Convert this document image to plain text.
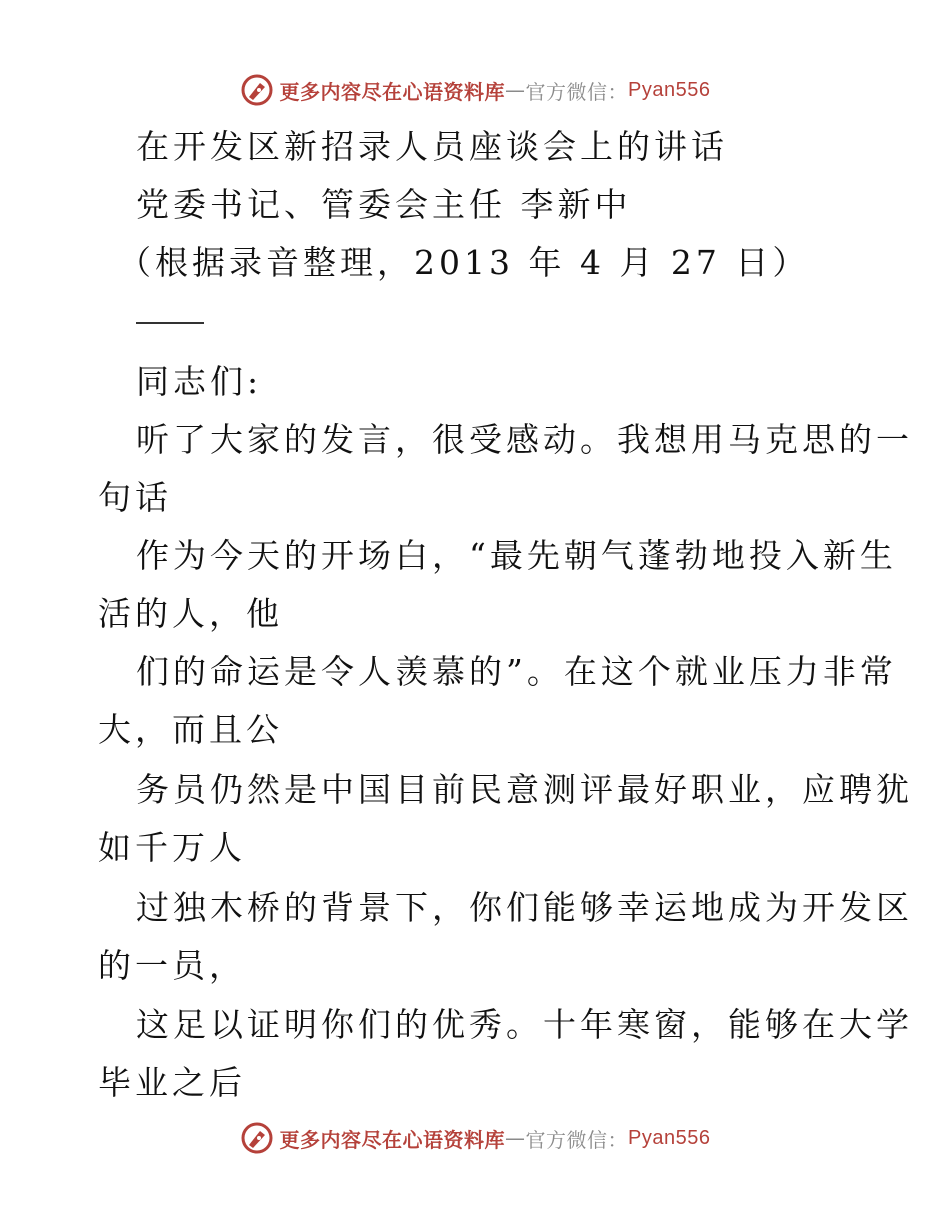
更多内容尽在心语资料库 — 官方微信： Pyan556
在开发区新招录人员座谈会上的讲话
党委书记、管委会主任 李新中
（根据录音整理，2013 年 4 月 27 日）
同志们:
听了大家的发言，很受感动。我想用马克思的一
句话
作为今天的开场白，“最先朝气蓬勃地投入新生
活的人，他
们的命运是令人羡慕的”。在这个就业压力非常
大，而且公
务员仍然是中国目前民意测评最好职业，应聘犹
如千万人
过独木桥的背景下，你们能够幸运地成为开发区
的一员，
这足以证明你们的优秀。十年寒窗，能够在大学
毕业之后
更多内容尽在心语资料库 — 官方微信： Pyan556
